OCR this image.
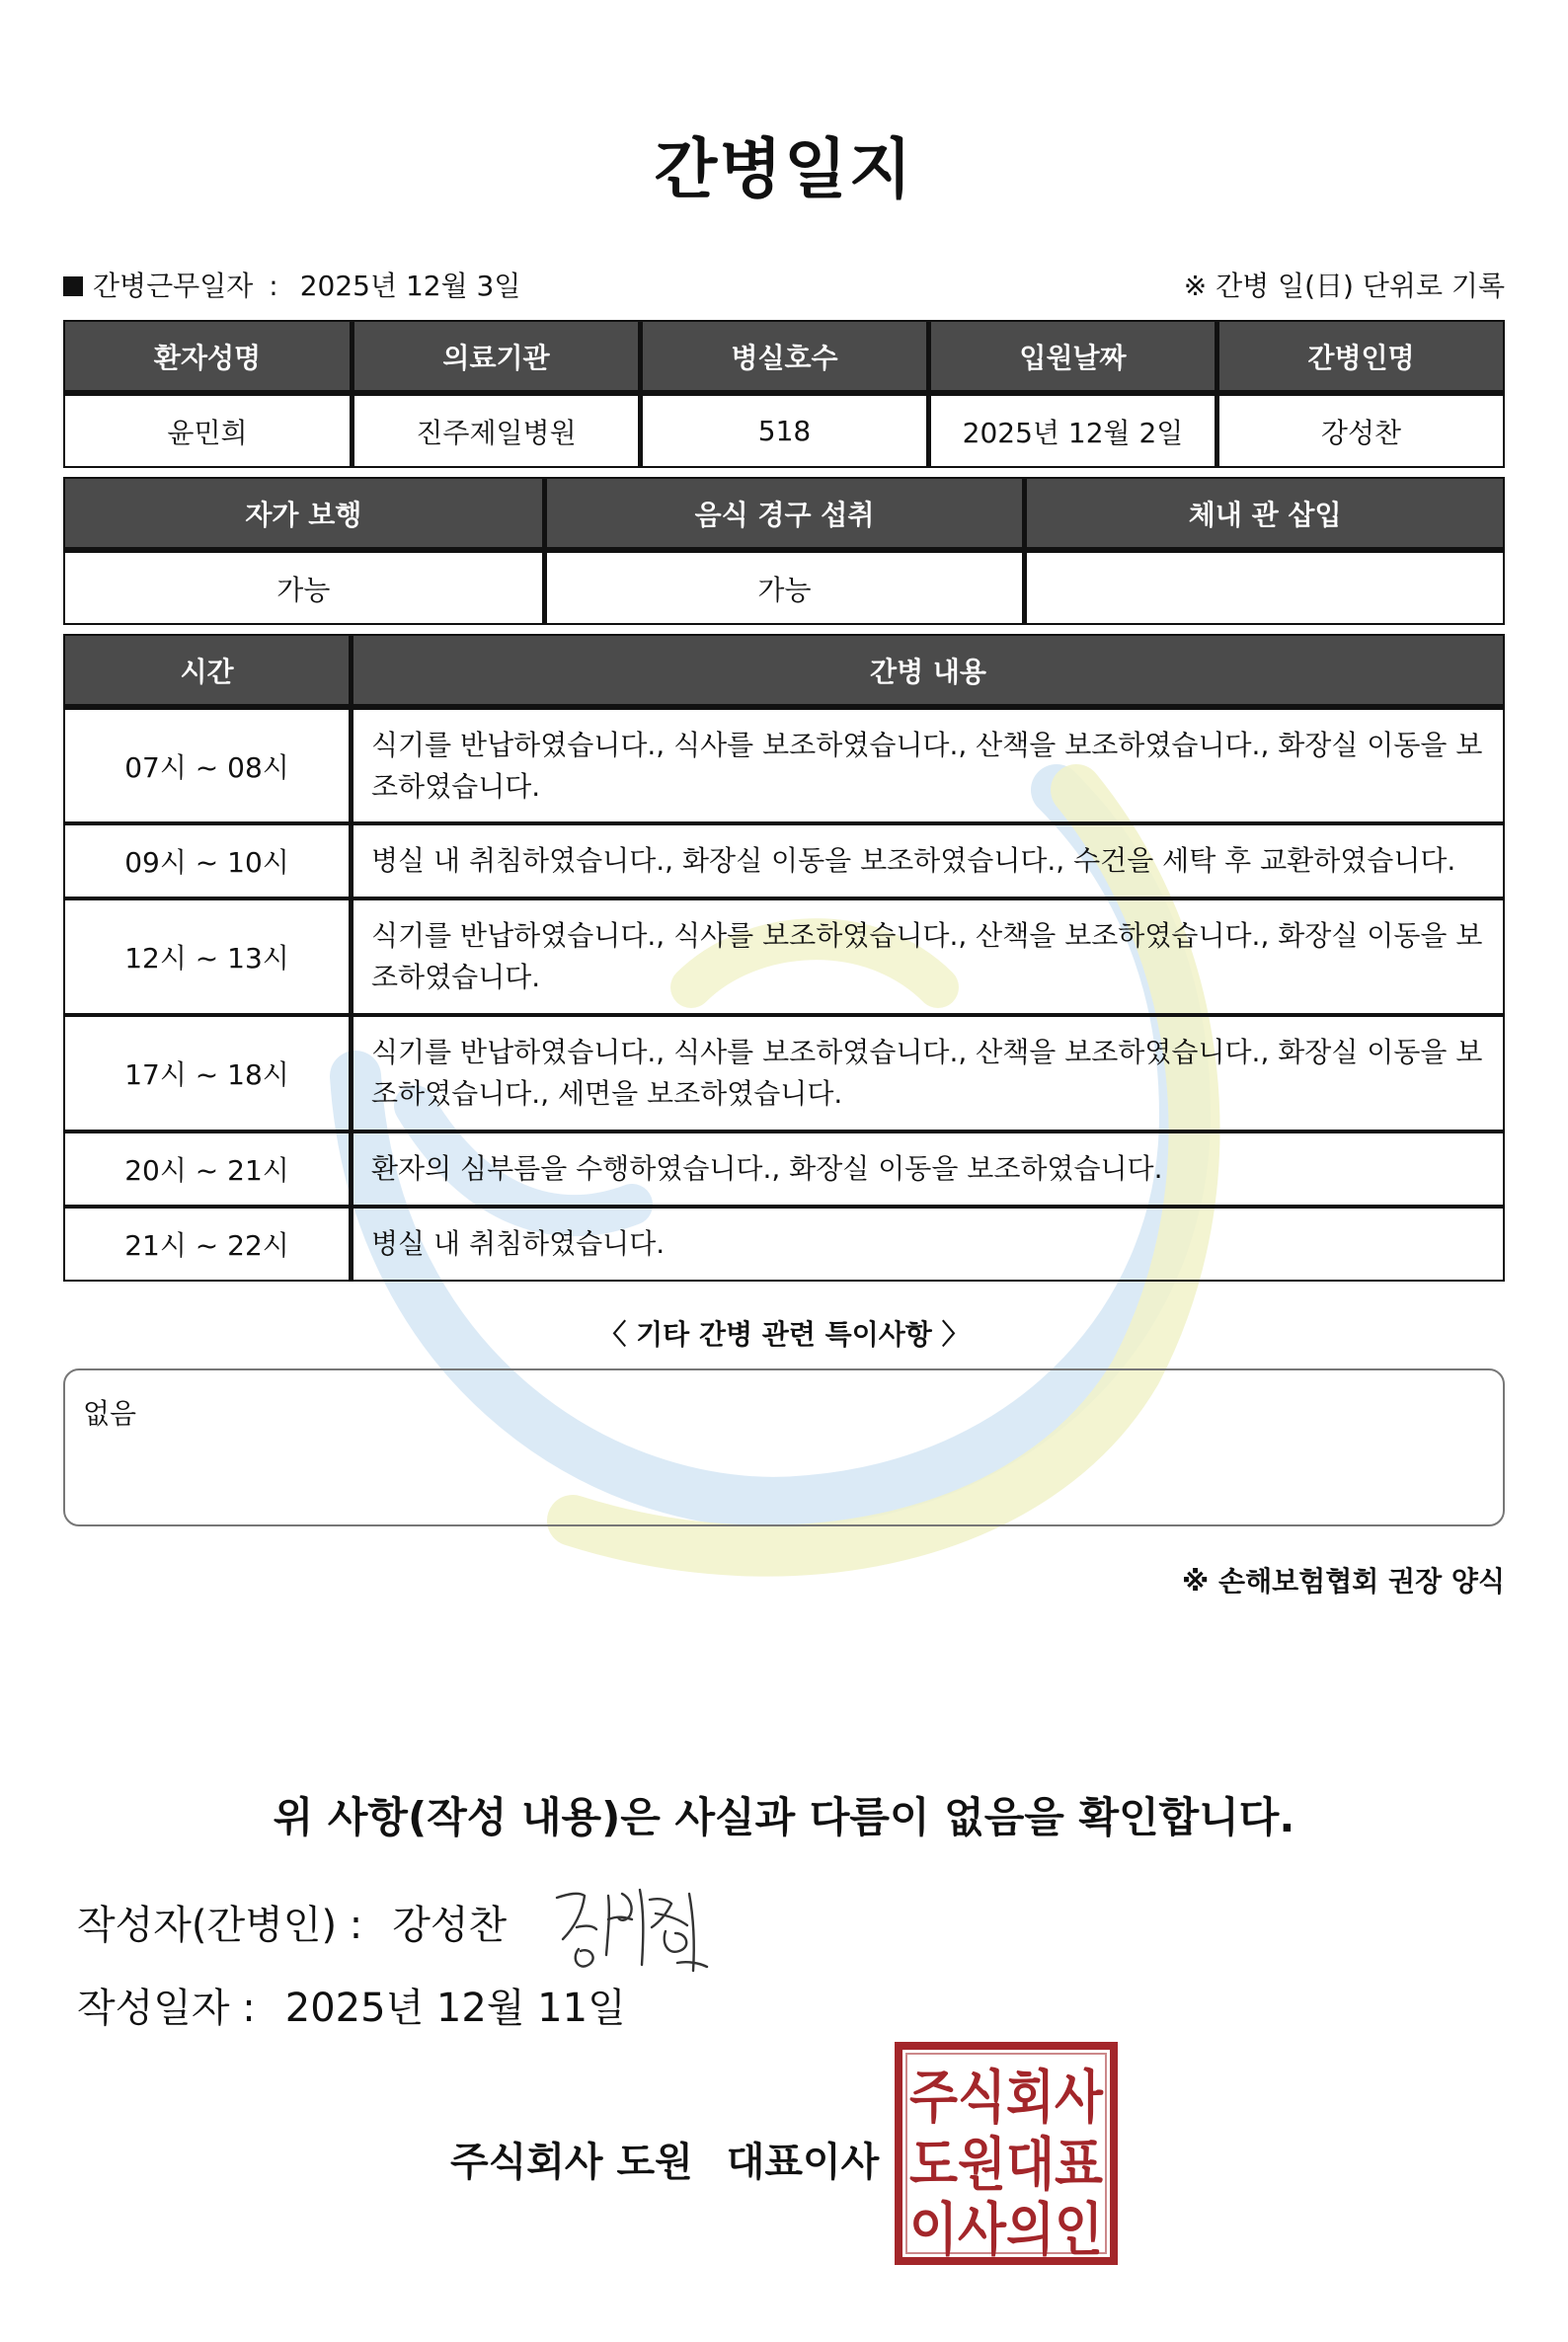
간병일지
간병근무일자 : 2025년 12월 3일	※ 간병 일(日) 단위로 기록
환자성명	의료기관	병실호수	입원날짜	간병인명
윤민희	진주제일병원	518	2025년 12월 2일	강성찬
자가 보행	음식 경구 섭취	체내 관 삽입
가능	가능	
시간	간병 내용
07시 ~ 08시	식기를 반납하였습니다., 식사를 보조하였습니다., 산책을 보조하였습니다., 화장실 이동을 보조하였습니다.
09시 ~ 10시	병실 내 취침하였습니다., 화장실 이동을 보조하였습니다., 수건을 세탁 후 교환하였습니다.
12시 ~ 13시	식기를 반납하였습니다., 식사를 보조하였습니다., 산책을 보조하였습니다., 화장실 이동을 보조하였습니다.
17시 ~ 18시	식기를 반납하였습니다., 식사를 보조하였습니다., 산책을 보조하였습니다., 화장실 이동을 보조하였습니다., 세면을 보조하였습니다.
20시 ~ 21시	환자의 심부름을 수행하였습니다., 화장실 이동을 보조하였습니다.
21시 ~ 22시	병실 내 취침하였습니다.
〈 기타 간병 관련 특이사항 〉
없음
※ 손해보험협회 권장 양식
위 사항(작성 내용)은 사실과 다름이 없음을 확인합니다.
작성자(간병인) : 강성찬
작성일자 : 2025년 12월 11일
주식회사 도원 대표이사
주식회사
도원대표
이사의인
